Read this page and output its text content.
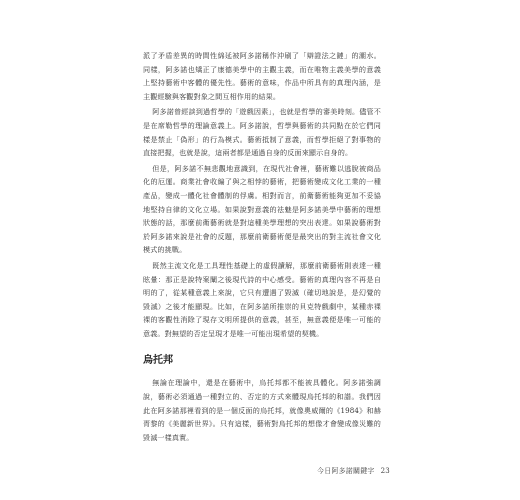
派了矛盾差異的時間性綿延被阿多諾稱作沖刷了「辯證法之鏈」的潮水。同樣，阿多諾也矯正了康德美學中的主觀主義，而在唯物主義美學的意義上堅持藝術中客體的優先性。藝術的意味，作品中所具有的真理內涵，是主觀經驗與客觀對象之間互相作用的結果。

阿多諾曾經談到過哲學的「遊戲因素」，也就是哲學的審美時刻。儘管不是在席勒哲學的理論意義上。阿多諾說，哲學與藝術的共同點在於它們同樣是禁止「偽形」的行為模式。藝術抵制了意義，而哲學拒絕了對事物的直接把握，也就是說，這兩者都是通過自身的反面來顯示自身的。

但是，阿多諾不無悲觀地意識到，在現代社會裡，藝術難以逃脫被商品化的厄運。商業社會收編了與之相悖的藝術，把藝術變成文化工業的一種產品，變成一體化社會體制的俘虜。相對而言，前衛藝術能夠更加不妥協地堅持自律的文化立場。如果說對意義的祛魅是阿多諾美學中藝術的理想狀態的話，那麼前衛藝術就是對這種美學理想的突出表達。如果說藝術對於阿多諾來說是社會的反題，那麼前衛藝術便是最突出的對主流社會文化模式的挑戰。

既然主流文化是工具理性基礎上的虛假讀解，那麼前衛藝術則表達一種眩暈：那正是說特案闡之後現代詩的中心感受。藝術的真理內容不再是自明的了，從某種意義上來說，它只有遭遇了毀滅（確切地說是，是幻覺的毀滅）之後才能顯現。比如，在阿多諾所推崇的貝克特戲劇中，某種赤裸裸的客觀性消除了現存文明所提供的意義，甚至，無意義便是唯一可能的意義。對無望的否定呈現才是唯一可能出現希望的契機。

烏托邦

無論在理論中，還是在藝術中，烏托邦都不能被具體化。阿多諾強調說，藝術必須通過一種對立的、否定的方式來體現烏托邦的和諧。我們因此在阿多諾那裡看到的是一個反面的烏托邦，就像奧威爾的《1984》和赫胥黎的《美麗新世界》。只有這樣，藝術對烏托邦的想像才會變成像災難的毀滅一樣真實。

今日阿多諾關鍵字 23
